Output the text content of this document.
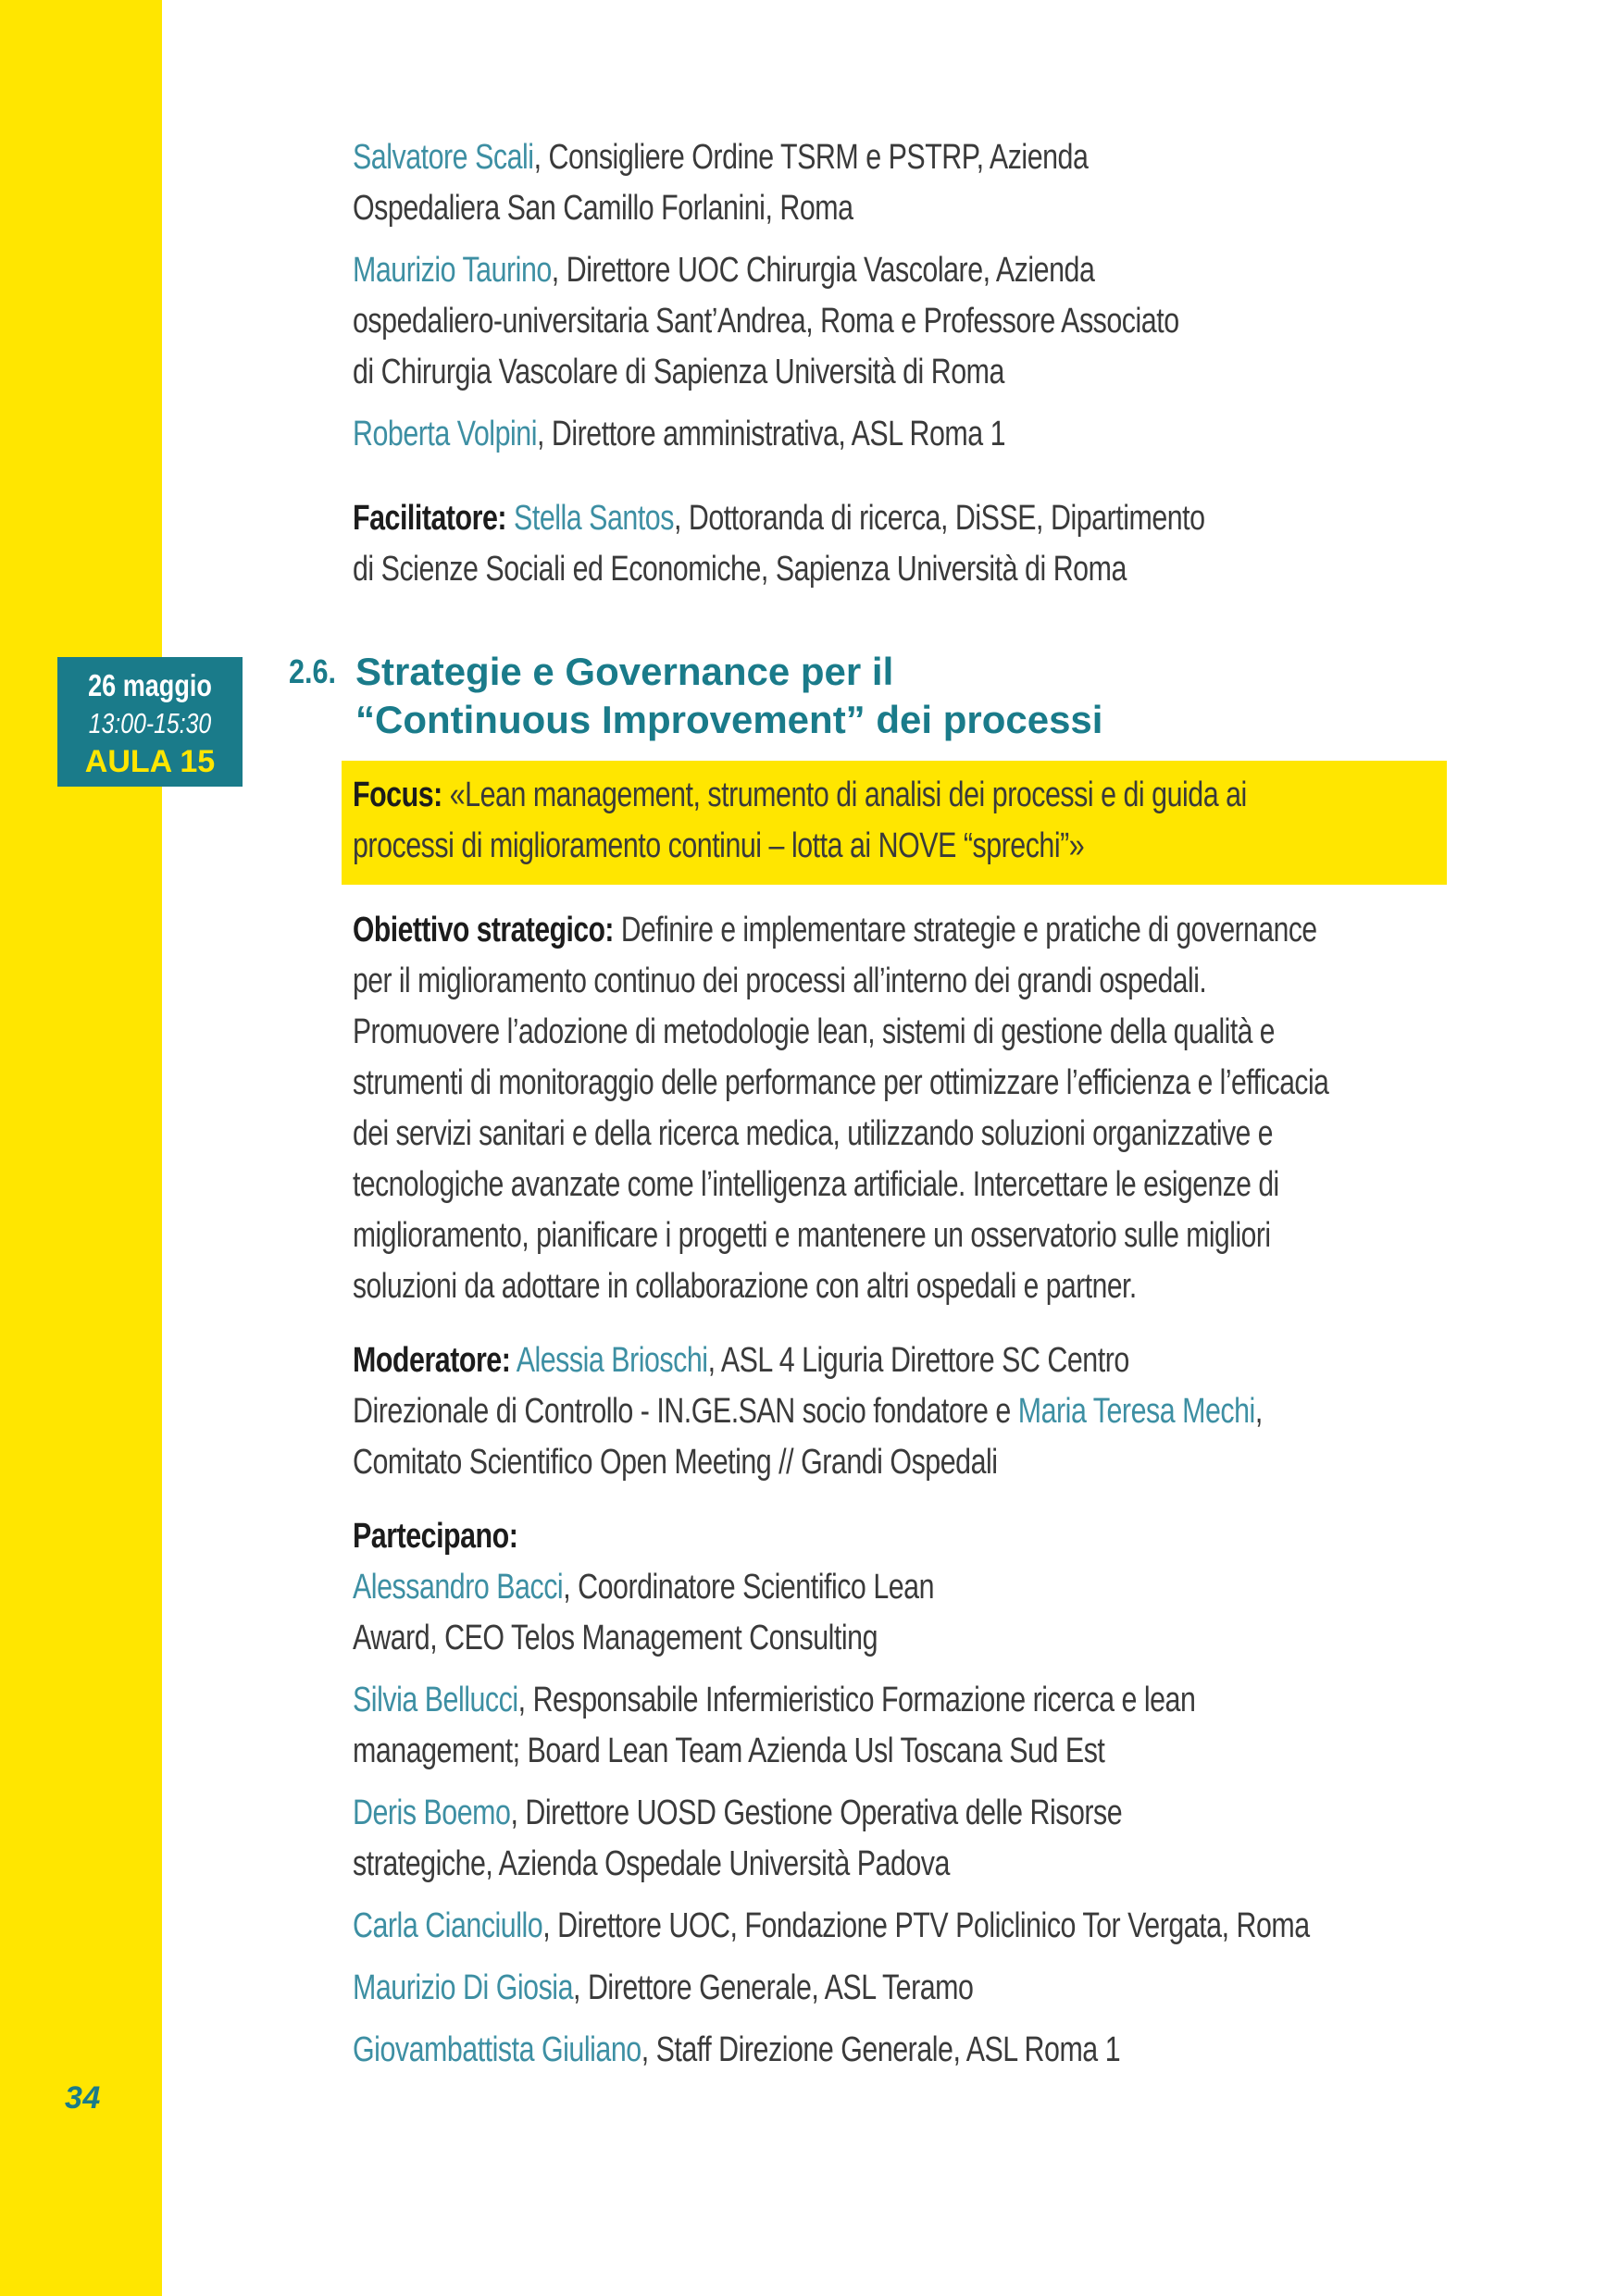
26 maggio
13:00-15:30
AULA 15
34
Salvatore Scali, Consigliere Ordine TSRM e PSTRP, Azienda
Ospedaliera San Camillo Forlanini, Roma
Maurizio Taurino, Direttore UOC Chirurgia Vascolare, Azienda
ospedaliero-universitaria Sant’Andrea, Roma e Professore Associato
di Chirurgia Vascolare di Sapienza Università di Roma
Roberta Volpini, Direttore amministrativa, ASL Roma 1
Facilitatore: Stella Santos, Dottoranda di ricerca, DiSSE, Dipartimento
di Scienze Sociali ed Economiche, Sapienza Università di Roma
2.6. Strategie e Governance per il
“Continuous Improvement” dei processi
Focus: «Lean management, strumento di analisi dei processi e di guida ai
processi di miglioramento continui – lotta ai NOVE “sprechi”»
Obiettivo strategico: Definire e implementare strategie e pratiche di governance
per il miglioramento continuo dei processi all’interno dei grandi ospedali.
Promuovere l’adozione di metodologie lean, sistemi di gestione della qualità e
strumenti di monitoraggio delle performance per ottimizzare l’efficienza e l’efficacia
dei servizi sanitari e della ricerca medica, utilizzando soluzioni organizzative e
tecnologiche avanzate come l’intelligenza artificiale. Intercettare le esigenze di
miglioramento, pianificare i progetti e mantenere un osservatorio sulle migliori
soluzioni da adottare in collaborazione con altri ospedali e partner.
Moderatore: Alessia Brioschi, ASL 4 Liguria Direttore SC Centro
Direzionale di Controllo - IN.GE.SAN socio fondatore e Maria Teresa Mechi,
Comitato Scientifico Open Meeting // Grandi Ospedali
Partecipano:
Alessandro Bacci, Coordinatore Scientifico Lean
Award, CEO Telos Management Consulting
Silvia Bellucci, Responsabile Infermieristico Formazione ricerca e lean
management; Board Lean Team Azienda Usl Toscana Sud Est
Deris Boemo, Direttore UOSD Gestione Operativa delle Risorse
strategiche, Azienda Ospedale Università Padova
Carla Cianciullo, Direttore UOC, Fondazione PTV Policlinico Tor Vergata, Roma
Maurizio Di Giosia, Direttore Generale, ASL Teramo
Giovambattista Giuliano, Staff Direzione Generale, ASL Roma 1
